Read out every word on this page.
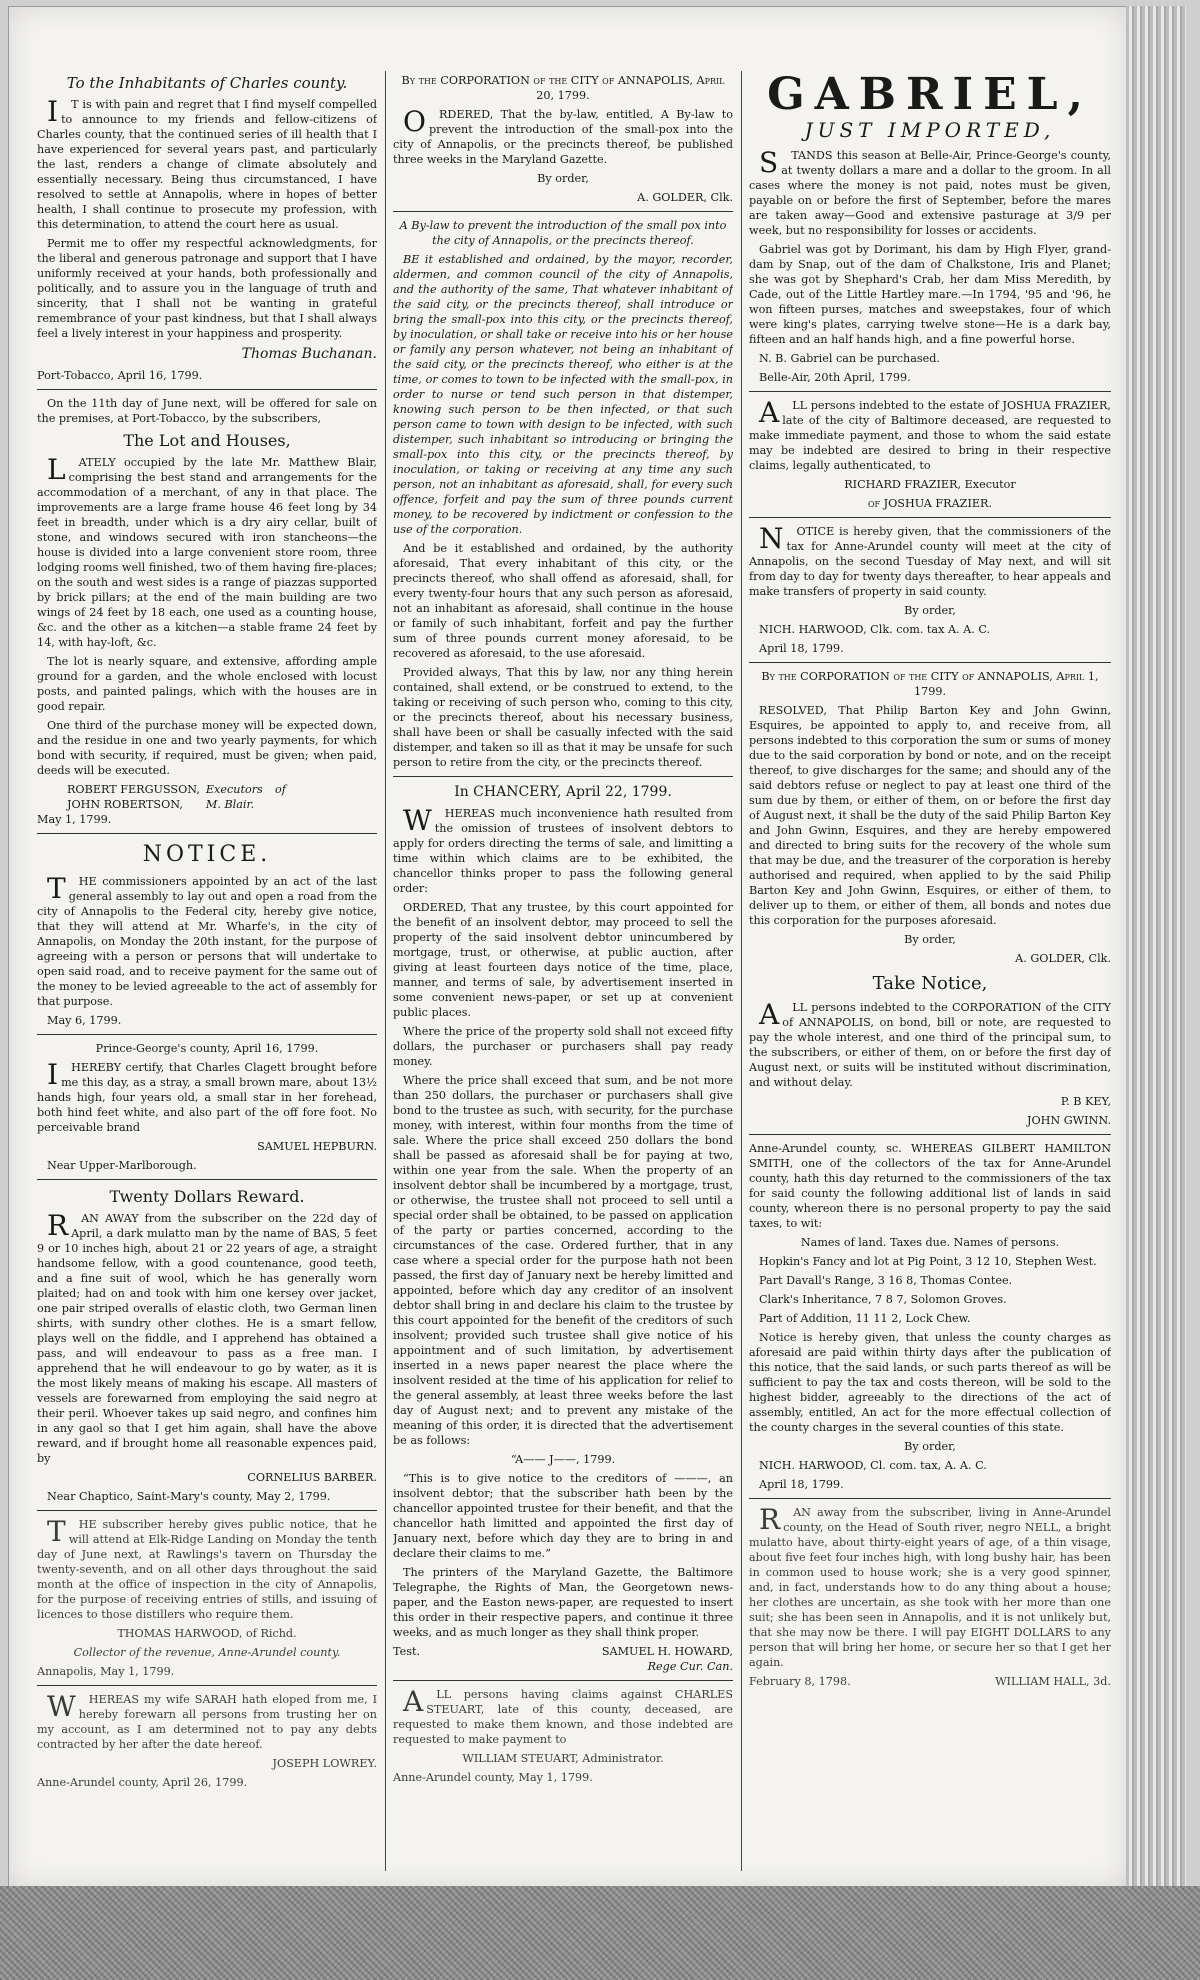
To the Inhabitants of Charles county.

IT is with pain and regret that I find myself compelled to announce to my friends and fellow-citizens of Charles county, that the continued series of ill health that I have experienced for several years past, and particularly the last, renders a change of climate absolutely and essentially necessary. Being thus circumstanced, I have resolved to settle at Annapolis, where in hopes of better health, I shall continue to prosecute my profession, with this determination, to attend the court here as usual.

Permit me to offer my respectful acknowledgments, for the liberal and generous patronage and support that I have uniformly received at your hands, both professionally and politically, and to assure you in the language of truth and sincerity, that I shall not be wanting in grateful remembrance of your past kindness, but that I shall always feel a lively interest in your happiness and prosperity.

Thomas Buchanan.

Port-Tobacco, April 16, 1799.

On the 11th day of June next, will be offered for sale on the premises, at Port-Tobacco, by the subscribers,

The Lot and Houses,

LATELY occupied by the late Mr. Matthew Blair, comprising the best stand and arrangements for the accommodation of a merchant, of any in that place. The improvements are a large frame house 46 feet long by 34 feet in breadth, under which is a dry airy cellar, built of stone, and windows secured with iron stancheons—the house is divided into a large convenient store room, three lodging rooms well finished, two of them having fire-places; on the south and west sides is a range of piazzas supported by brick pillars; at the end of the main building are two wings of 24 feet by 18 each, one used as a counting house, &c. and the other as a kitchen—a stable frame 24 feet by 14, with hay-loft, &c.

The lot is nearly square, and extensive, affording ample ground for a garden, and the whole enclosed with locust posts, and painted palings, which with the houses are in good repair.

One third of the purchase money will be expected down, and the residue in one and two yearly payments, for which bond with security, if required, must be given; when paid, deeds will be executed.

ROBERT FERGUSSON,
JOHN ROBERTSON,
Executors of M. Blair.

May 1, 1799.

NOTICE.

THE commissioners appointed by an act of the last general assembly to lay out and open a road from the city of Annapolis to the Federal city, hereby give notice, that they will attend at Mr. Wharfe's, in the city of Annapolis, on Monday the 20th instant, for the purpose of agreeing with a person or persons that will undertake to open said road, and to receive payment for the same out of the money to be levied agreeable to the act of assembly for that purpose.

May 6, 1799.

Prince-George's county, April 16, 1799.

IHEREBY certify, that Charles Clagett brought before me this day, as a stray, a small brown mare, about 13½ hands high, four years old, a small star in her forehead, both hind feet white, and also part of the off fore foot. No perceivable brand

SAMUEL HEPBURN.

Near Upper-Marlborough.

Twenty Dollars Reward.

RAN AWAY from the subscriber on the 22d day of April, a dark mulatto man by the name of BAS, 5 feet 9 or 10 inches high, about 21 or 22 years of age, a straight handsome fellow, with a good countenance, good teeth, and a fine suit of wool, which he has generally worn plaited; had on and took with him one kersey over jacket, one pair striped overalls of elastic cloth, two German linen shirts, with sundry other clothes. He is a smart fellow, plays well on the fiddle, and I apprehend has obtained a pass, and will endeavour to pass as a free man. I apprehend that he will endeavour to go by water, as it is the most likely means of making his escape. All masters of vessels are forewarned from employing the said negro at their peril. Whoever takes up said negro, and confines him in any gaol so that I get him again, shall have the above reward, and if brought home all reasonable expences paid, by

CORNELIUS BARBER.

Near Chaptico, Saint-Mary's county, May 2, 1799.

THE subscriber hereby gives public notice, that he will attend at Elk-Ridge Landing on Monday the tenth day of June next, at Rawlings's tavern on Thursday the twenty-seventh, and on all other days throughout the said month at the office of inspection in the city of Annapolis, for the purpose of receiving entries of stills, and issuing of licences to those distillers who require them.

THOMAS HARWOOD, of Richd.

Collector of the revenue, Anne-Arundel county.

Annapolis, May 1, 1799.

WHEREAS my wife SARAH hath eloped from me, I hereby forewarn all persons from trusting her on my account, as I am determined not to pay any debts contracted by her after the date hereof.

JOSEPH LOWREY.

Anne-Arundel county, April 26, 1799.

By the CORPORATION of the CITY of ANNAPOLIS, April 20, 1799.

ORDERED, That the by-law, entitled, A By-law to prevent the introduction of the small-pox into the city of Annapolis, or the precincts thereof, be published three weeks in the Maryland Gazette.

By order,

A. GOLDER, Clk.

A By-law to prevent the introduction of the small pox into the city of Annapolis, or the precincts thereof.

BE it established and ordained, by the mayor, recorder, aldermen, and common council of the city of Annapolis, and the authority of the same, That whatever inhabitant of the said city, or the precincts thereof, shall introduce or bring the small-pox into this city, or the precincts thereof, by inoculation, or shall take or receive into his or her house or family any person whatever, not being an inhabitant of the said city, or the precincts thereof, who either is at the time, or comes to town to be infected with the small-pox, in order to nurse or tend such person in that distemper, knowing such person to be then infected, or that such person came to town with design to be infected, with such distemper, such inhabitant so introducing or bringing the small-pox into this city, or the precincts thereof, by inoculation, or taking or receiving at any time any such person, not an inhabitant as aforesaid, shall, for every such offence, forfeit and pay the sum of three pounds current money, to be recovered by indictment or confession to the use of the corporation.

And be it established and ordained, by the authority aforesaid, That every inhabitant of this city, or the precincts thereof, who shall offend as aforesaid, shall, for every twenty-four hours that any such person as aforesaid, not an inhabitant as aforesaid, shall continue in the house or family of such inhabitant, forfeit and pay the further sum of three pounds current money aforesaid, to be recovered as aforesaid, to the use aforesaid.

Provided always, That this by law, nor any thing herein contained, shall extend, or be construed to extend, to the taking or receiving of such person who, coming to this city, or the precincts thereof, about his necessary business, shall have been or shall be casually infected with the said distemper, and taken so ill as that it may be unsafe for such person to retire from the city, or the precincts thereof.

In CHANCERY, April 22, 1799.

WHEREAS much inconvenience hath resulted from the omission of trustees of insolvent debtors to apply for orders directing the terms of sale, and limitting a time within which claims are to be exhibited, the chancellor thinks proper to pass the following general order:

ORDERED, That any trustee, by this court appointed for the benefit of an insolvent debtor, may proceed to sell the property of the said insolvent debtor unincumbered by mortgage, trust, or otherwise, at public auction, after giving at least fourteen days notice of the time, place, manner, and terms of sale, by advertisement inserted in some convenient news-paper, or set up at convenient public places.

Where the price of the property sold shall not exceed fifty dollars, the purchaser or purchasers shall pay ready money.

Where the price shall exceed that sum, and be not more than 250 dollars, the purchaser or purchasers shall give bond to the trustee as such, with security, for the purchase money, with interest, within four months from the time of sale. Where the price shall exceed 250 dollars the bond shall be passed as aforesaid shall be for paying at two, within one year from the sale. When the property of an insolvent debtor shall be incumbered by a mortgage, trust, or otherwise, the trustee shall not proceed to sell until a special order shall be obtained, to be passed on application of the party or parties concerned, according to the circumstances of the case. Ordered further, that in any case where a special order for the purpose hath not been passed, the first day of January next be hereby limitted and appointed, before which day any creditor of an insolvent debtor shall bring in and declare his claim to the trustee by this court appointed for the benefit of the creditors of such insolvent; provided such trustee shall give notice of his appointment and of such limitation, by advertisement inserted in a news paper nearest the place where the insolvent resided at the time of his application for relief to the general assembly, at least three weeks before the last day of August next; and to prevent any mistake of the meaning of this order, it is directed that the advertisement be as follows:

“A—— J——, 1799.

“This is to give notice to the creditors of ———, an insolvent debtor; that the subscriber hath been by the chancellor appointed trustee for their benefit, and that the chancellor hath limitted and appointed the first day of January next, before which day they are to bring in and declare their claims to me.”

The printers of the Maryland Gazette, the Baltimore Telegraphe, the Rights of Man, the Georgetown news-paper, and the Easton news-paper, are requested to insert this order in their respective papers, and continue it three weeks, and as much longer as they shall think proper.

Test.	SAMUEL H. HOWARD,

Rege Cur. Can.

ALL persons having claims against CHARLES STEUART, late of this county, deceased, are requested to make them known, and those indebted are requested to make payment to

WILLIAM STEUART, Administrator.

Anne-Arundel county, May 1, 1799.

GABRIEL,
JUST IMPORTED,

STANDS this season at Belle-Air, Prince-George's county, at twenty dollars a mare and a dollar to the groom. In all cases where the money is not paid, notes must be given, payable on or before the first of September, before the mares are taken away—Good and extensive pasturage at 3/9 per week, but no responsibility for losses or accidents.

Gabriel was got by Dorimant, his dam by High Flyer, grand-dam by Snap, out of the dam of Chalkstone, Iris and Planet; she was got by Shephard's Crab, her dam Miss Meredith, by Cade, out of the Little Hartley mare.—In 1794, '95 and '96, he won fifteen purses, matches and sweepstakes, four of which were king's plates, carrying twelve stone—He is a dark bay, fifteen and an half hands high, and a fine powerful horse.

N. B. Gabriel can be purchased.

Belle-Air, 20th April, 1799.

ALL persons indebted to the estate of JOSHUA FRAZIER, late of the city of Baltimore deceased, are requested to make immediate payment, and those to whom the said estate may be indebted are desired to bring in their respective claims, legally authenticated, to

RICHARD FRAZIER, Executor

of JOSHUA FRAZIER.

NOTICE is hereby given, that the commissioners of the tax for Anne-Arundel county will meet at the city of Annapolis, on the second Tuesday of May next, and will sit from day to day for twenty days thereafter, to hear appeals and make transfers of property in said county.

By order,

NICH. HARWOOD, Clk. com. tax A. A. C.

April 18, 1799.

By the CORPORATION of the CITY of ANNAPOLIS, April 1, 1799.

RESOLVED, That Philip Barton Key and John Gwinn, Esquires, be appointed to apply to, and receive from, all persons indebted to this corporation the sum or sums of money due to the said corporation by bond or note, and on the receipt thereof, to give discharges for the same; and should any of the said debtors refuse or neglect to pay at least one third of the sum due by them, or either of them, on or before the first day of August next, it shall be the duty of the said Philip Barton Key and John Gwinn, Esquires, and they are hereby empowered and directed to bring suits for the recovery of the whole sum that may be due, and the treasurer of the corporation is hereby authorised and required, when applied to by the said Philip Barton Key and John Gwinn, Esquires, or either of them, to deliver up to them, or either of them, all bonds and notes due this corporation for the purposes aforesaid.

By order,

A. GOLDER, Clk.

Take Notice,

ALL persons indebted to the CORPORATION of the CITY of ANNAPOLIS, on bond, bill or note, are requested to pay the whole interest, and one third of the principal sum, to the subscribers, or either of them, on or before the first day of August next, or suits will be instituted without discrimination, and without delay.

P. B KEY,

JOHN GWINN.

Anne-Arundel county, sc. WHEREAS GILBERT HAMILTON SMITH, one of the collectors of the tax for Anne-Arundel county, hath this day returned to the commissioners of the tax for said county the following additional list of lands in said county, whereon there is no personal property to pay the said taxes, to wit:

Names of land. Taxes due. Names of persons.

Hopkin's Fancy and lot at Pig Point, 3 12 10, Stephen West.

Part Davall's Range, 3 16 8, Thomas Contee.

Clark's Inheritance, 7 8 7, Solomon Groves.

Part of Addition, 11 11 2, Lock Chew.

Notice is hereby given, that unless the county charges as aforesaid are paid within thirty days after the publication of this notice, that the said lands, or such parts thereof as will be sufficient to pay the tax and costs thereon, will be sold to the highest bidder, agreeably to the directions of the act of assembly, entitled, An act for the more effectual collection of the county charges in the several counties of this state.

By order,

NICH. HARWOOD, Cl. com. tax, A. A. C.

April 18, 1799.

RAN away from the subscriber, living in Anne-Arundel county, on the Head of South river, negro NELL, a bright mulatto have, about thirty-eight years of age, of a thin visage, about five feet four inches high, with long bushy hair, has been in common used to house work; she is a very good spinner, and, in fact, understands how to do any thing about a house; her clothes are uncertain, as she took with her more than one suit; she has been seen in Annapolis, and it is not unlikely but, that she may now be there. I will pay EIGHT DOLLARS to any person that will bring her home, or secure her so that I get her again.

February 8, 1798.	WILLIAM HALL, 3d.
